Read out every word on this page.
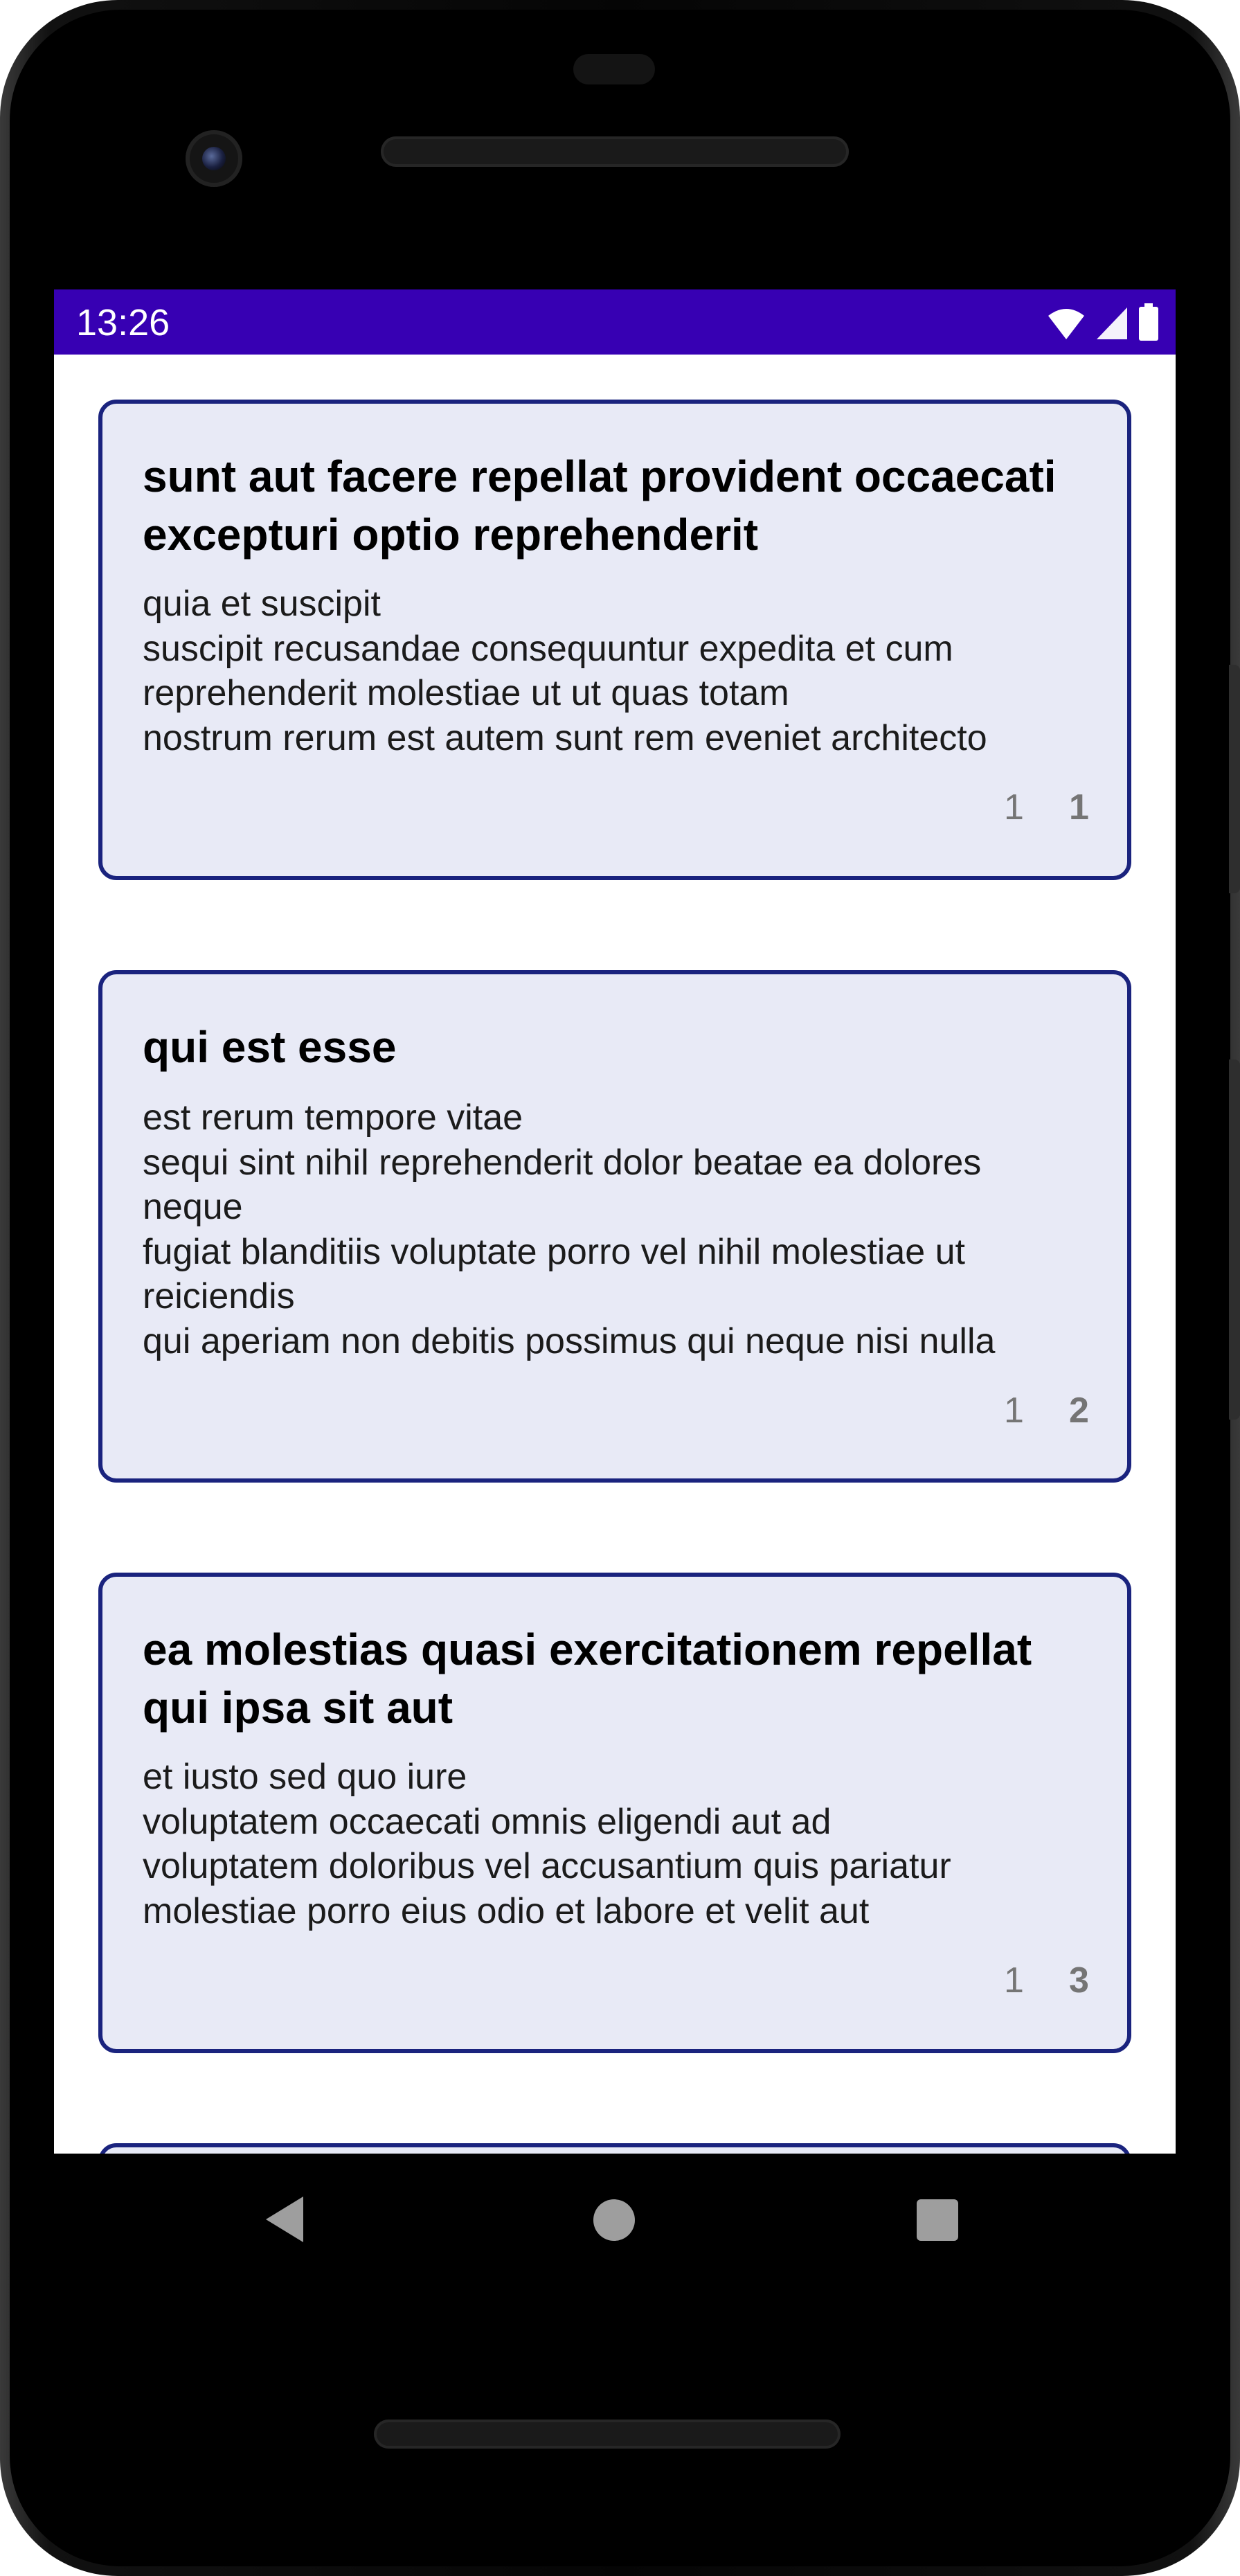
13:26
sunt aut facere repellat provident occaecati excepturi optio reprehenderit
quia et suscipit
suscipit recusandae consequuntur expedita et cum
reprehenderit molestiae ut ut quas totam
nostrum rerum est autem sunt rem eveniet architecto
1 1
qui est esse
est rerum tempore vitae
sequi sint nihil reprehenderit dolor beatae ea dolores
neque
fugiat blanditiis voluptate porro vel nihil molestiae ut
reiciendis
qui aperiam non debitis possimus qui neque nisi nulla
1 2
ea molestias quasi exercitationem repellat qui ipsa sit aut
et iusto sed quo iure
voluptatem occaecati omnis eligendi aut ad
voluptatem doloribus vel accusantium quis pariatur
molestiae porro eius odio et labore et velit aut
1 3
